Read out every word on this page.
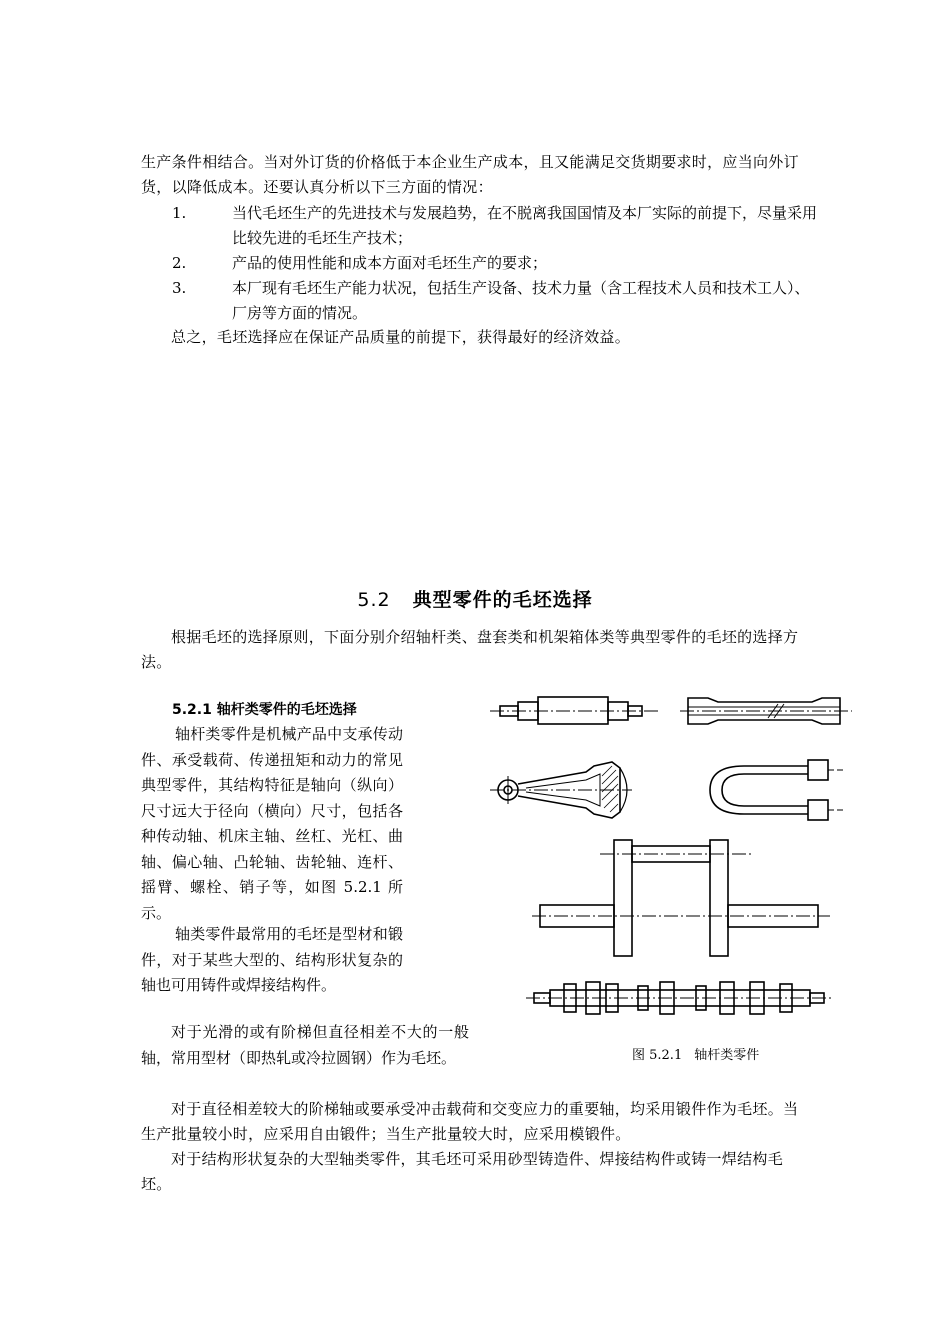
生产条件相结合。当对外订货的价格低于本企业生产成本，且又能满足交货期要求时，应当向外订货，以降低成本。还要认真分析以下三方面的情况：

1.	当代毛坯生产的先进技术与发展趋势，在不脱离我国国情及本厂实际的前提下，尽量采用比较先进的毛坯生产技术；
2.	产品的使用性能和成本方面对毛坯生产的要求；
3.	本厂现有毛坯生产能力状况，包括生产设备、技术力量（含工程技术人员和技术工人）、厂房等方面的情况。

总之，毛坯选择应在保证产品质量的前提下，获得最好的经济效益。

5.2 典型零件的毛坯选择

根据毛坯的选择原则，下面分别介绍轴杆类、盘套类和机架箱体类等典型零件的毛坯的选择方法。

5.2.1 轴杆类零件的毛坯选择

轴杆类零件是机械产品中支承传动件、承受载荷、传递扭矩和动力的常见典型零件，其结构特征是轴向（纵向）尺寸远大于径向（横向）尺寸，包括各种传动轴、机床主轴、丝杠、光杠、曲轴、偏心轴、凸轮轴、齿轮轴、连杆、摇臂、螺栓、销子等，如图 5.2.1 所示。

轴类零件最常用的毛坯是型材和锻件，对于某些大型的、结构形状复杂的轴也可用铸件或焊接结构件。

对于光滑的或有阶梯但直径相差不大的一般轴，常用型材（即热轧或冷拉圆钢）作为毛坯。

对于直径相差较大的阶梯轴或要承受冲击载荷和交变应力的重要轴，均采用锻件作为毛坯。当生产批量较小时，应采用自由锻件；当生产批量较大时，应采用模锻件。

对于结构形状复杂的大型轴类零件，其毛坯可采用砂型铸造件、焊接结构件或铸一焊结构毛坯。

图 5.2.1 轴杆类零件
